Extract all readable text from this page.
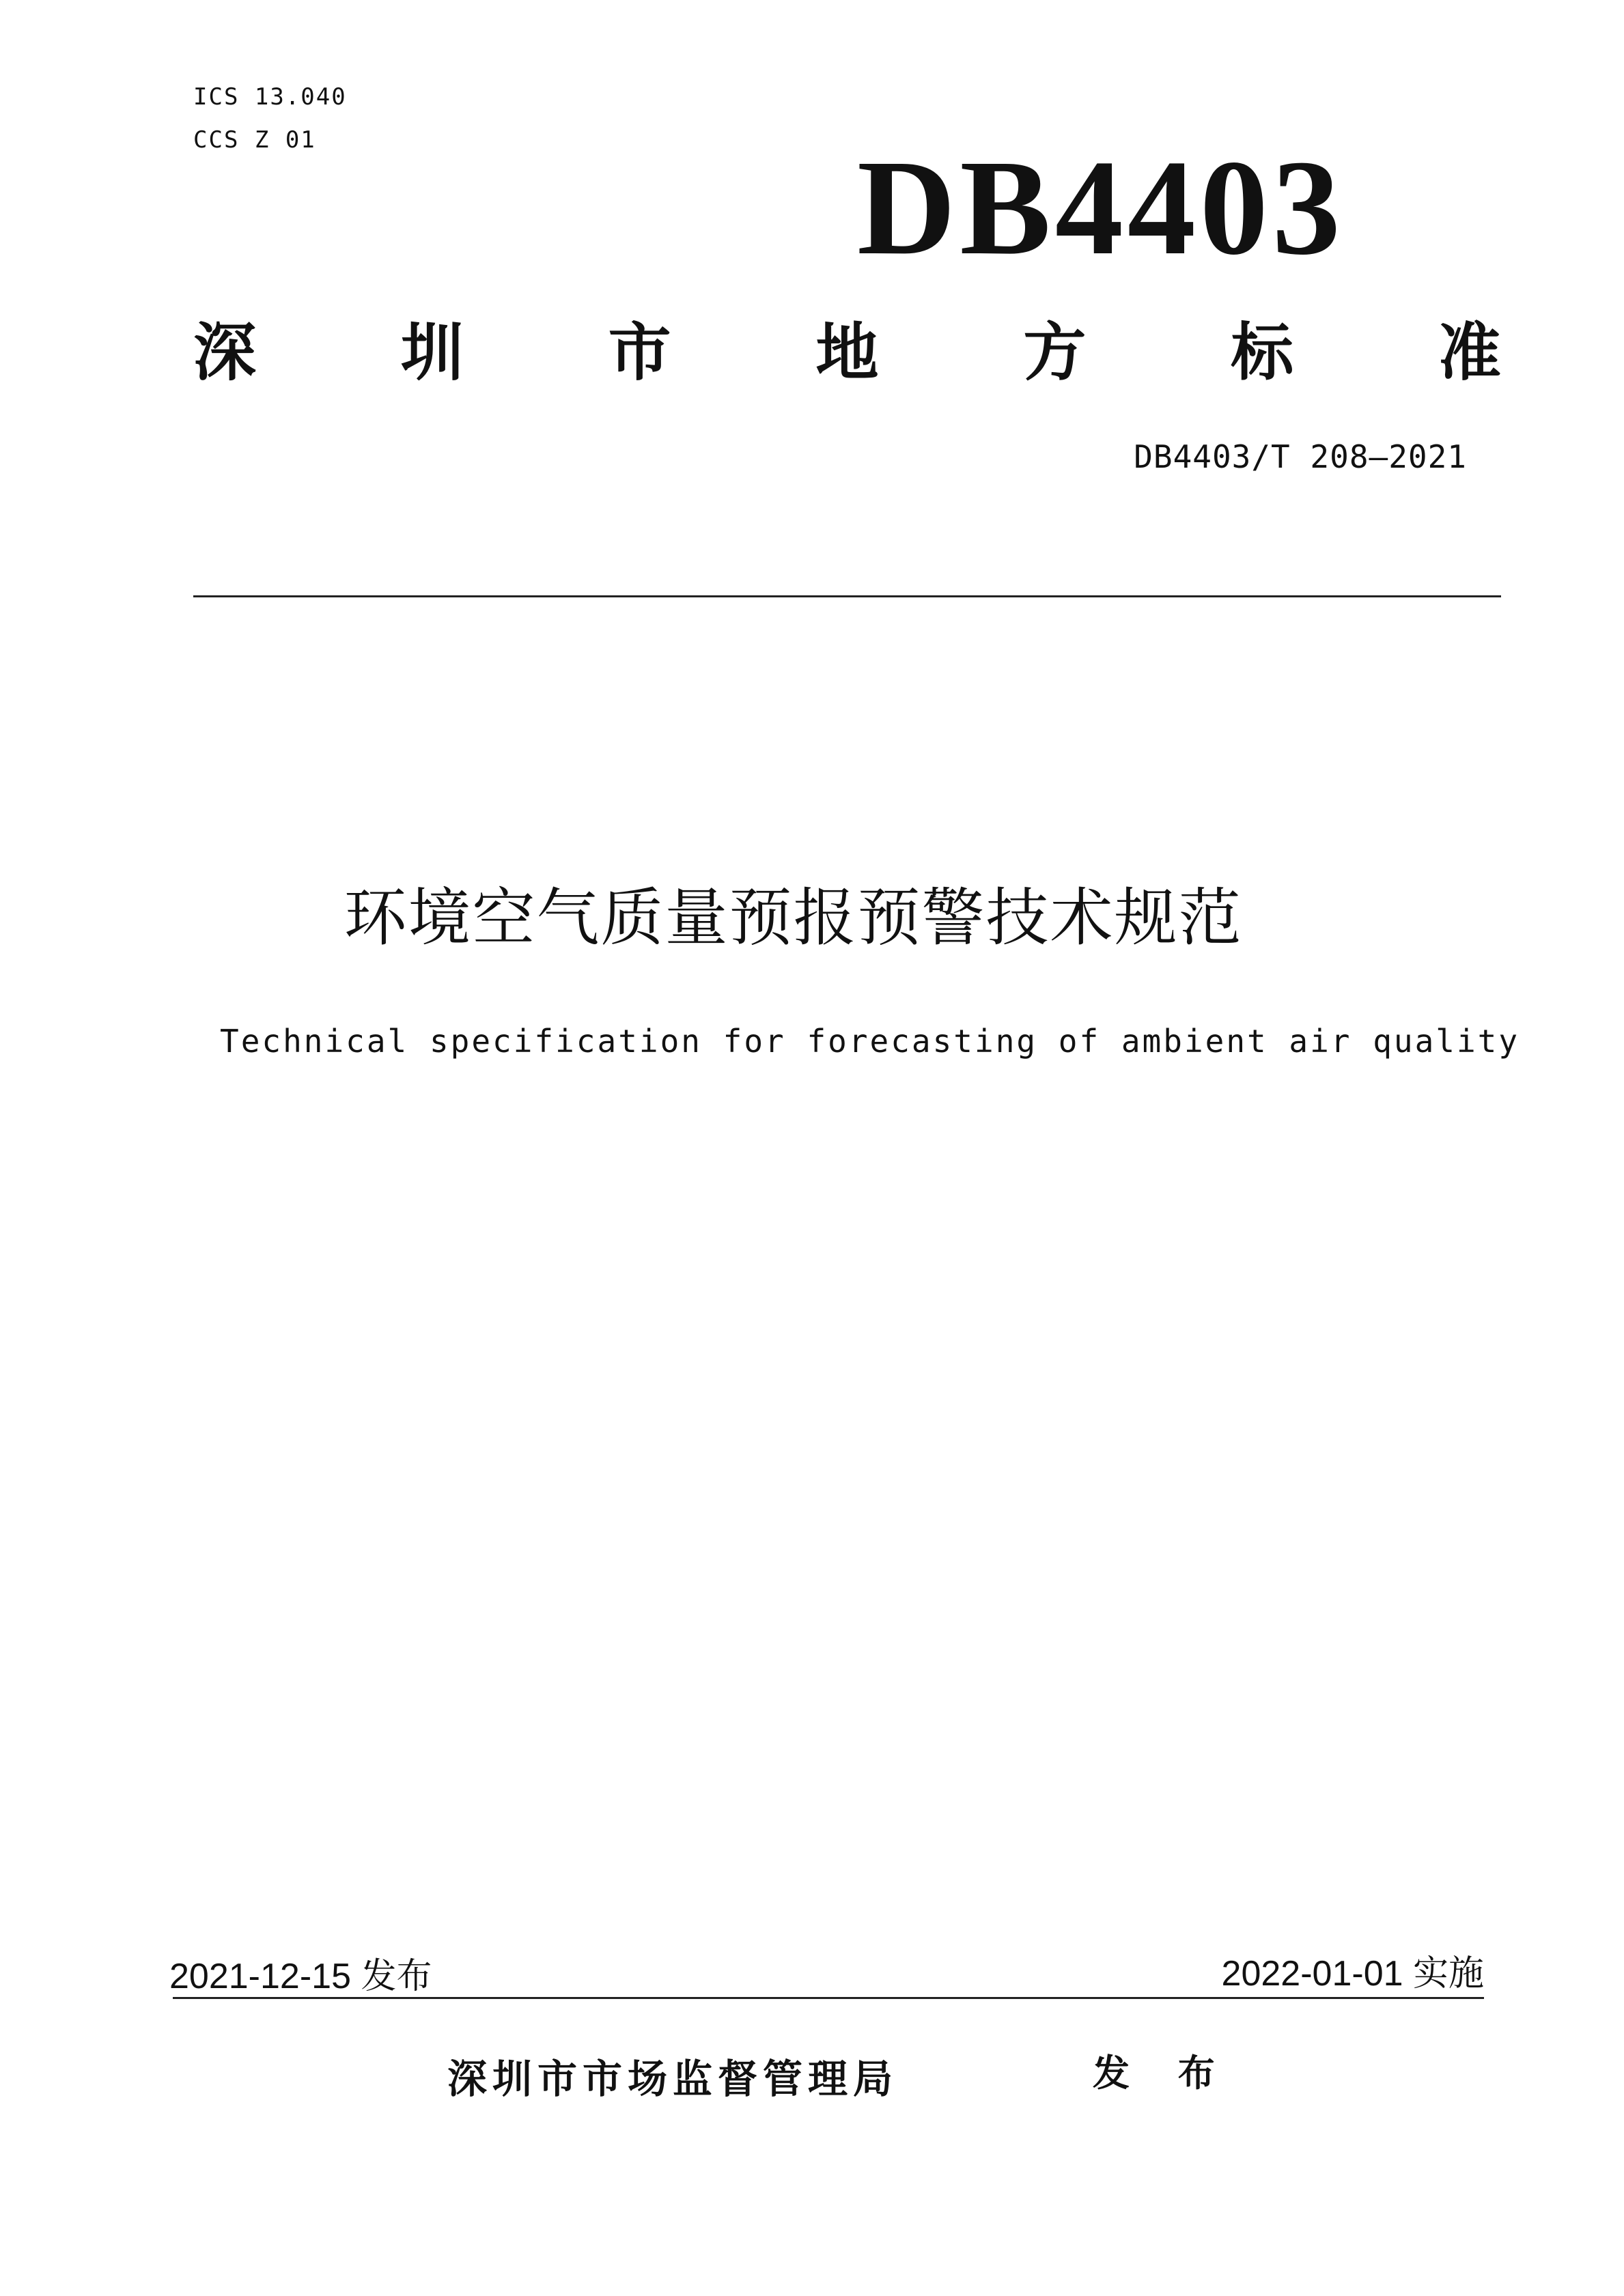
ICS 13.040
CCS Z 01	DB4403
深 圳 市 地 方 标 准
DB4403/T 208—2021
环境空气质量预报预警技术规范
Technical specification for forecasting of ambient air quality
2021-12-15 发布	2022-01-01 实施
深圳市市场监督管理局	发 布
